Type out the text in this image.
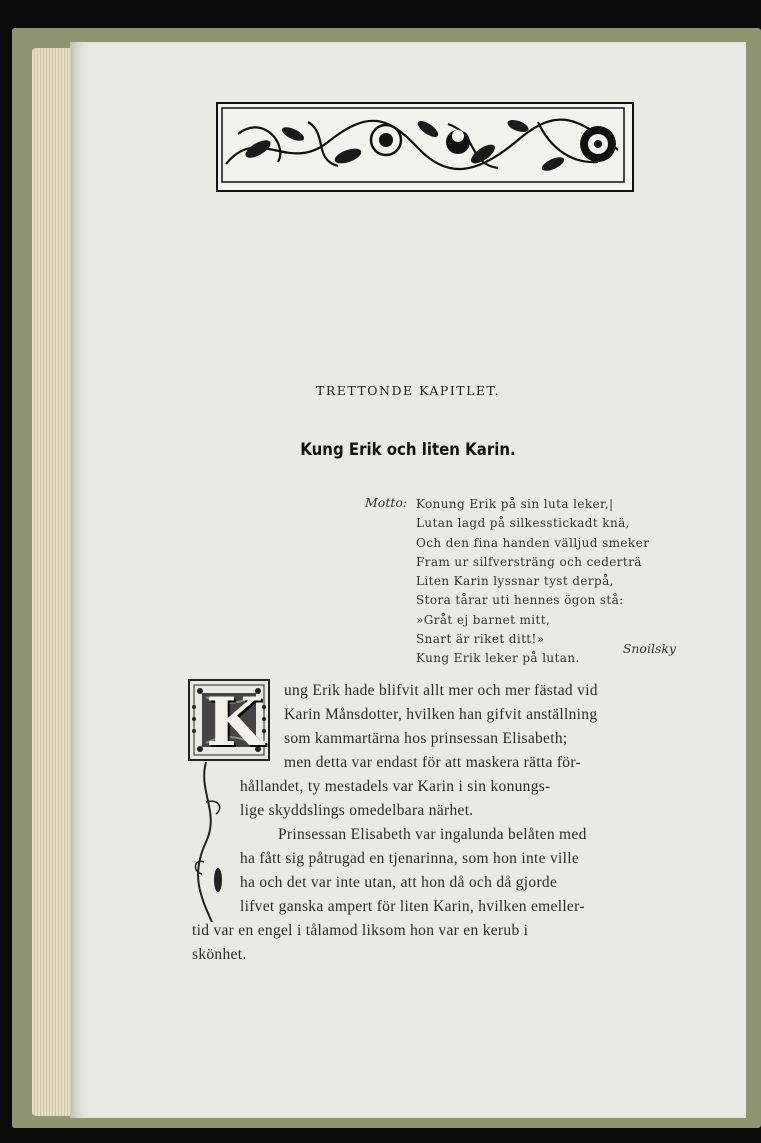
TRETTONDE KAPITLET.
Kung Erik och liten Karin.
Motto: Konung Erik på sin luta leker,|
Lutan lagd på silkesstickadt knä,
Och den fina handen välljud smeker
Fram ur silfversträng och cederträ
Liten Karin lyssnar tyst derpå,
Stora tårar uti hennes ögon stå:
»Gråt ej barnet mitt,
Snart är riket ditt!»
Kung Erik leker på lutan.
Snoilsky
K ung Erik hade blifvit allt mer och mer fästad vid
Karin Månsdotter, hvilken han gifvit anställning
som kammartärna hos prinsessan Elisabeth;
men detta var endast för att maskera rätta för-
hållandet, ty mestadels var Karin i sin konungs-
lige skyddslings omedelbara närhet.
Prinsessan Elisabeth var ingalunda belåten med
ha fått sig påtrugad en tjenarinna, som hon inte ville
ha och det var inte utan, att hon då och då gjorde
lifvet ganska ampert för liten Karin, hvilken emeller-
tid var en engel i tålamod liksom hon var en kerub i
skönhet.
